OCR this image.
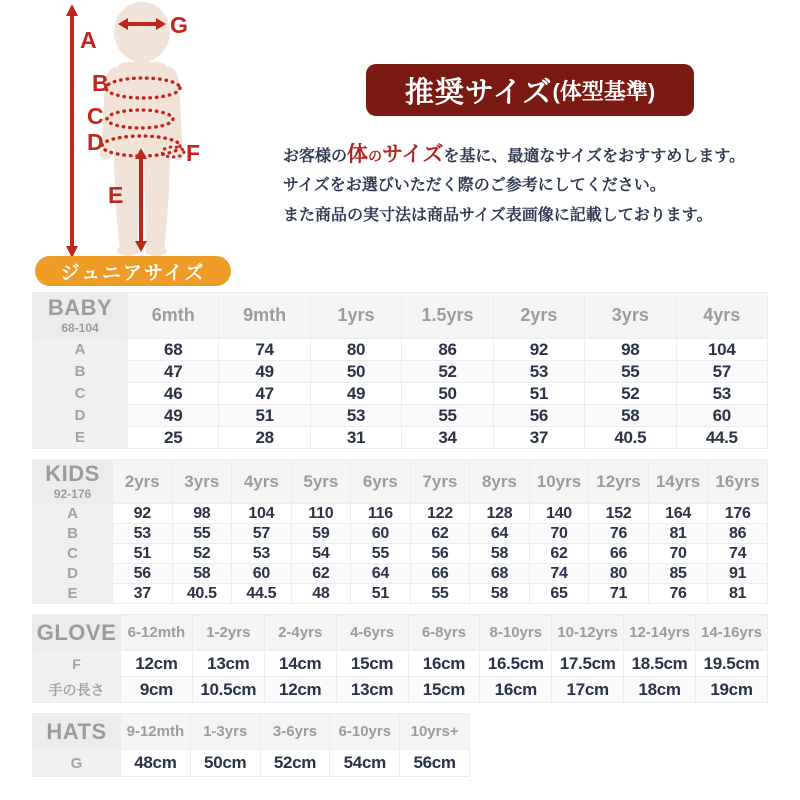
A
B
C
D
E
F
G
ジュニアサイズ
推奨サイズ (体型基準)
お客様の体のサイズを基に、最適なサイズをおすすめします。
サイズをお選びいただく際のご参考にしてください。
また商品の実寸法は商品サイズ表画像に記載しております。
BABY
68-104	6mth	9mth	1yrs	1.5yrs	2yrs	3yrs	4yrs
A	68	74	80	86	92	98	104
B	47	49	50	52	53	55	57
C	46	47	49	50	51	52	53
D	49	51	53	55	56	58	60
E	25	28	31	34	37	40.5	44.5
KIDS
92-176	2yrs	3yrs	4yrs	5yrs	6yrs	7yrs	8yrs	10yrs	12yrs	14yrs	16yrs
A	92	98	104	110	116	122	128	140	152	164	176
B	53	55	57	59	60	62	64	70	76	81	86
C	51	52	53	54	55	56	58	62	66	70	74
D	56	58	60	62	64	66	68	74	80	85	91
E	37	40.5	44.5	48	51	55	58	65	71	76	81
GLOVE	6-12mth	1-2yrs	2-4yrs	4-6yrs	6-8yrs	8-10yrs	10-12yrs	12-14yrs	14-16yrs
F	12cm	13cm	14cm	15cm	16cm	16.5cm	17.5cm	18.5cm	19.5cm
手の長さ	9cm	10.5cm	12cm	13cm	15cm	16cm	17cm	18cm	19cm
HATS	9-12mth	1-3yrs	3-6yrs	6-10yrs	10yrs+
G	48cm	50cm	52cm	54cm	56cm
